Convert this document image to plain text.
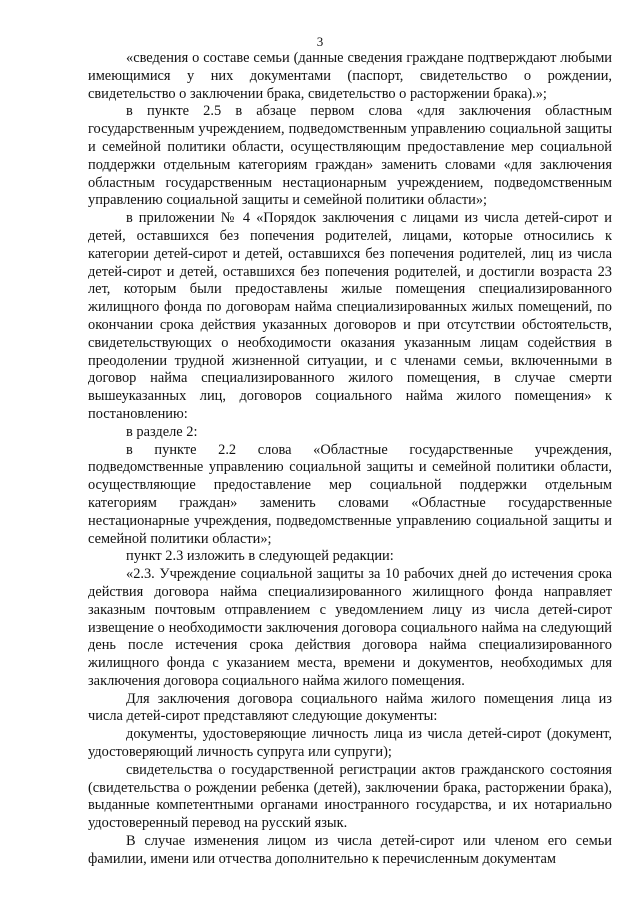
3

«сведения о составе семьи (данные сведения граждане подтверждают любыми имеющимися у них документами (паспорт, свидетельство о рождении, свидетельство о заключении брака, свидетельство о расторжении брака).»;

в пункте 2.5 в абзаце первом слова «для заключения областным государственным учреждением, подведомственным управлению социальной защиты и семейной политики области, осуществляющим предоставление мер социальной поддержки отдельным категориям граждан» заменить словами «для заключения областным государственным нестационарным учреждением, подведомственным управлению социальной защиты и семейной политики области»;

в приложении № 4 «Порядок заключения с лицами из числа детей-сирот и детей, оставшихся без попечения родителей, лицами, которые относились к категории детей-сирот и детей, оставшихся без попечения родителей, лиц из числа детей-сирот и детей, оставшихся без попечения родителей, и достигли возраста 23 лет, которым были предоставлены жилые помещения специализированного жилищного фонда по договорам найма специализированных жилых помещений, по окончании срока действия указанных договоров и при отсутствии обстоятельств, свидетельствующих о необходимости оказания указанным лицам содействия в преодолении трудной жизненной ситуации, и с членами семьи, включенными в договор найма специализированного жилого помещения, в случае смерти вышеуказанных лиц, договоров социального найма жилого помещения» к постановлению:

в разделе 2:

в пункте 2.2 слова «Областные государственные учреждения, подведомственные управлению социальной защиты и семейной политики области, осуществляющие предоставление мер социальной поддержки отдельным категориям граждан» заменить словами «Областные государственные нестационарные учреждения, подведомственные управлению социальной защиты и семейной политики области»;

пункт 2.3 изложить в следующей редакции:

«2.3. Учреждение социальной защиты за 10 рабочих дней до истечения срока действия договора найма специализированного жилищного фонда направляет заказным почтовым отправлением с уведомлением лицу из числа детей-сирот извещение о необходимости заключения договора социального найма на следующий день после истечения срока действия договора найма специализированного жилищного фонда с указанием места, времени и документов, необходимых для заключения договора социального найма жилого помещения.

Для заключения договора социального найма жилого помещения лица из числа детей-сирот представляют следующие документы:

документы, удостоверяющие личность лица из числа детей-сирот (документ, удостоверяющий личность супруга или супруги);

свидетельства о государственной регистрации актов гражданского состояния (свидетельства о рождении ребенка (детей), заключении брака, расторжении брака), выданные компетентными органами иностранного государства, и их нотариально удостоверенный перевод на русский язык.

В случае изменения лицом из числа детей-сирот или членом его семьи фамилии, имени или отчества дополнительно к перечисленным документам
